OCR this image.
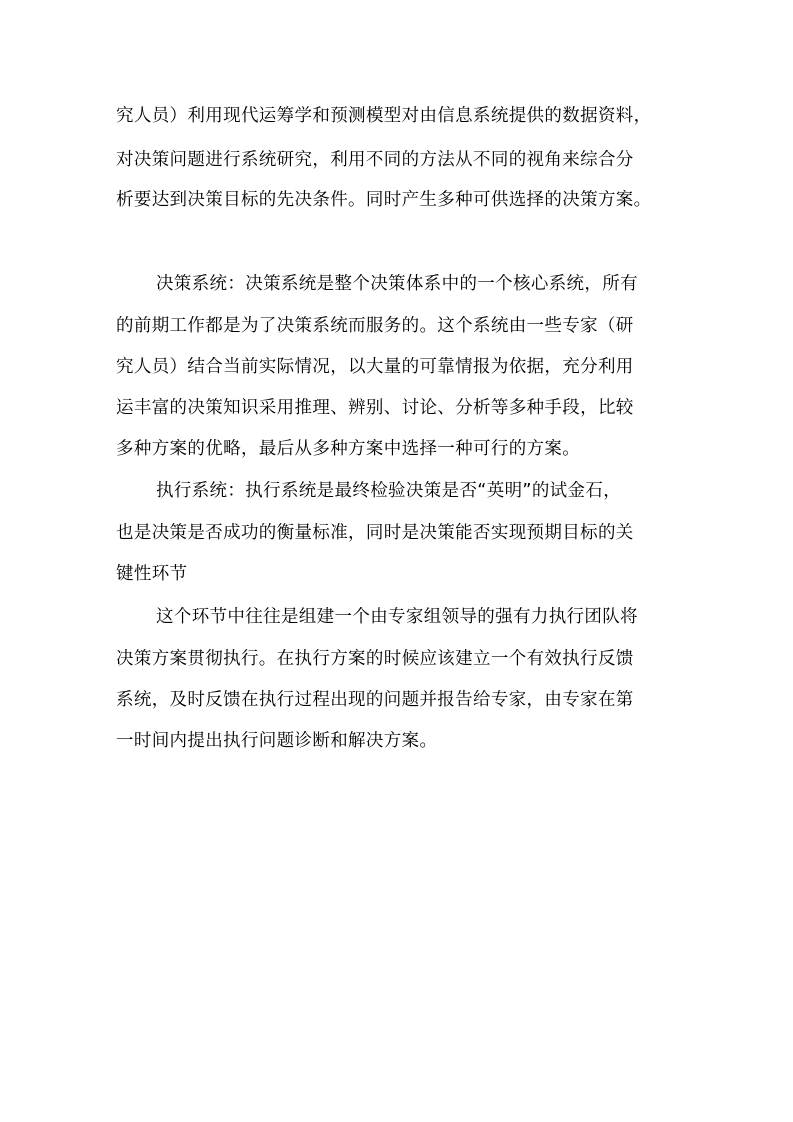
究人员）利用现代运筹学和预测模型对由信息系统提供的数据资料，
对决策问题进行系统研究，利用不同的方法从不同的视角来综合分
析要达到决策目标的先决条件。同时产生多种可供选择的决策方案。
决策系统：决策系统是整个决策体系中的一个核心系统，所有
的前期工作都是为了决策系统而服务的。这个系统由一些专家（研
究人员）结合当前实际情况，以大量的可靠情报为依据，充分利用
运丰富的决策知识采用推理、辨别、讨论、分析等多种手段，比较
多种方案的优略，最后从多种方案中选择一种可行的方案。
执行系统：执行系统是最终检验决策是否“英明”的试金石，
也是决策是否成功的衡量标准，同时是决策能否实现预期目标的关
键性环节
这个环节中往往是组建一个由专家组领导的强有力执行团队将
决策方案贯彻执行。在执行方案的时候应该建立一个有效执行反馈
系统，及时反馈在执行过程出现的问题并报告给专家，由专家在第
一时间内提出执行问题诊断和解决方案。
